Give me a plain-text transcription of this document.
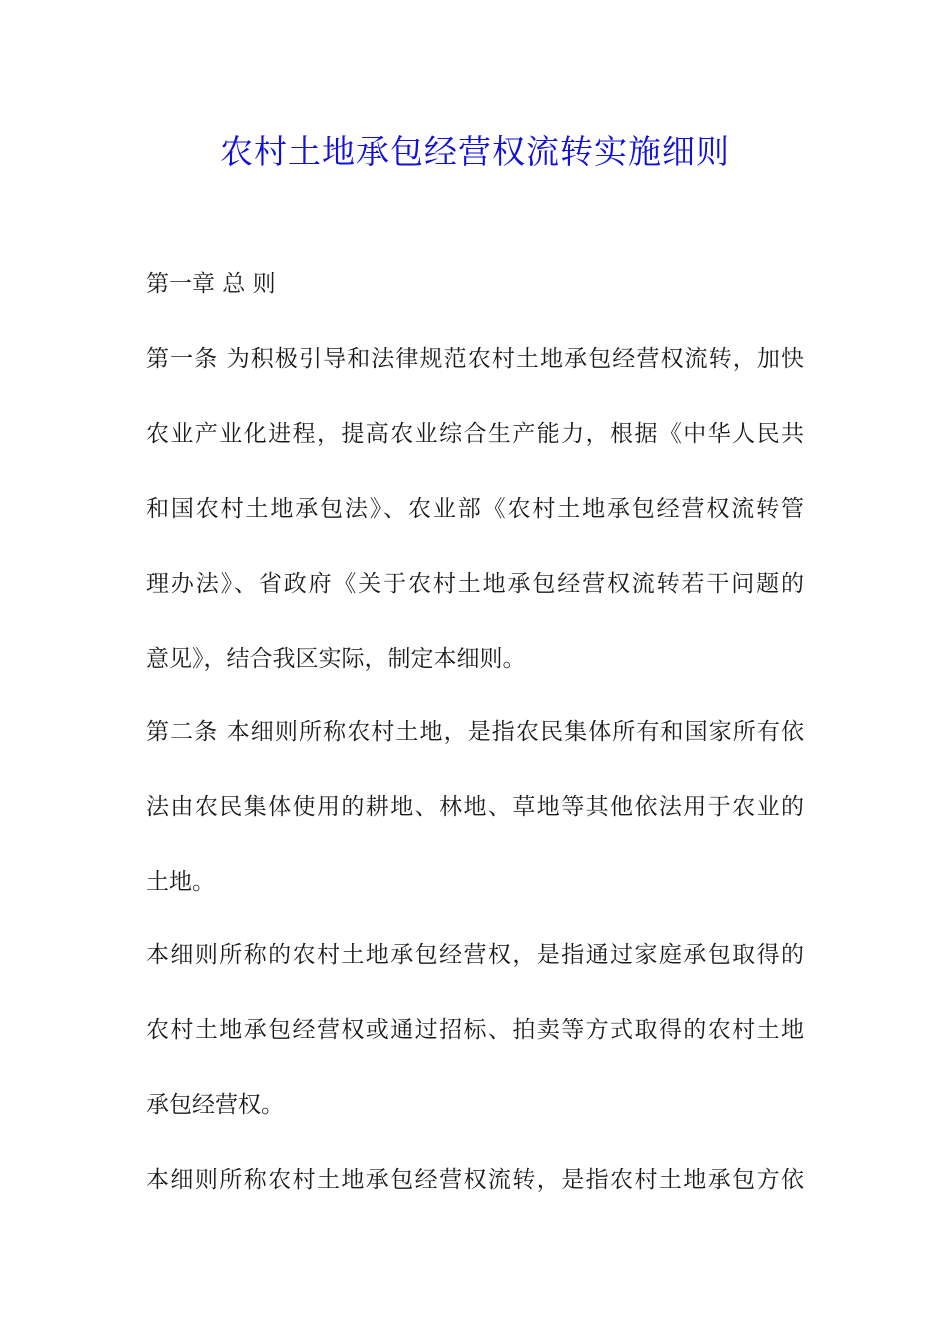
农村土地承包经营权流转实施细则

第一章 总 则

第一条 为积极引导和法律规范农村土地承包经营权流转，加快

农业产业化进程，提高农业综合生产能力，根据《中华人民共

和国农村土地承包法》、农业部《农村土地承包经营权流转管

理办法》、省政府《关于农村土地承包经营权流转若干问题的

意见》，结合我区实际，制定本细则。

第二条 本细则所称农村土地，是指农民集体所有和国家所有依

法由农民集体使用的耕地、林地、草地等其他依法用于农业的

土地。

本细则所称的农村土地承包经营权，是指通过家庭承包取得的

农村土地承包经营权或通过招标、拍卖等方式取得的农村土地

承包经营权。

本细则所称农村土地承包经营权流转，是指农村土地承包方依
